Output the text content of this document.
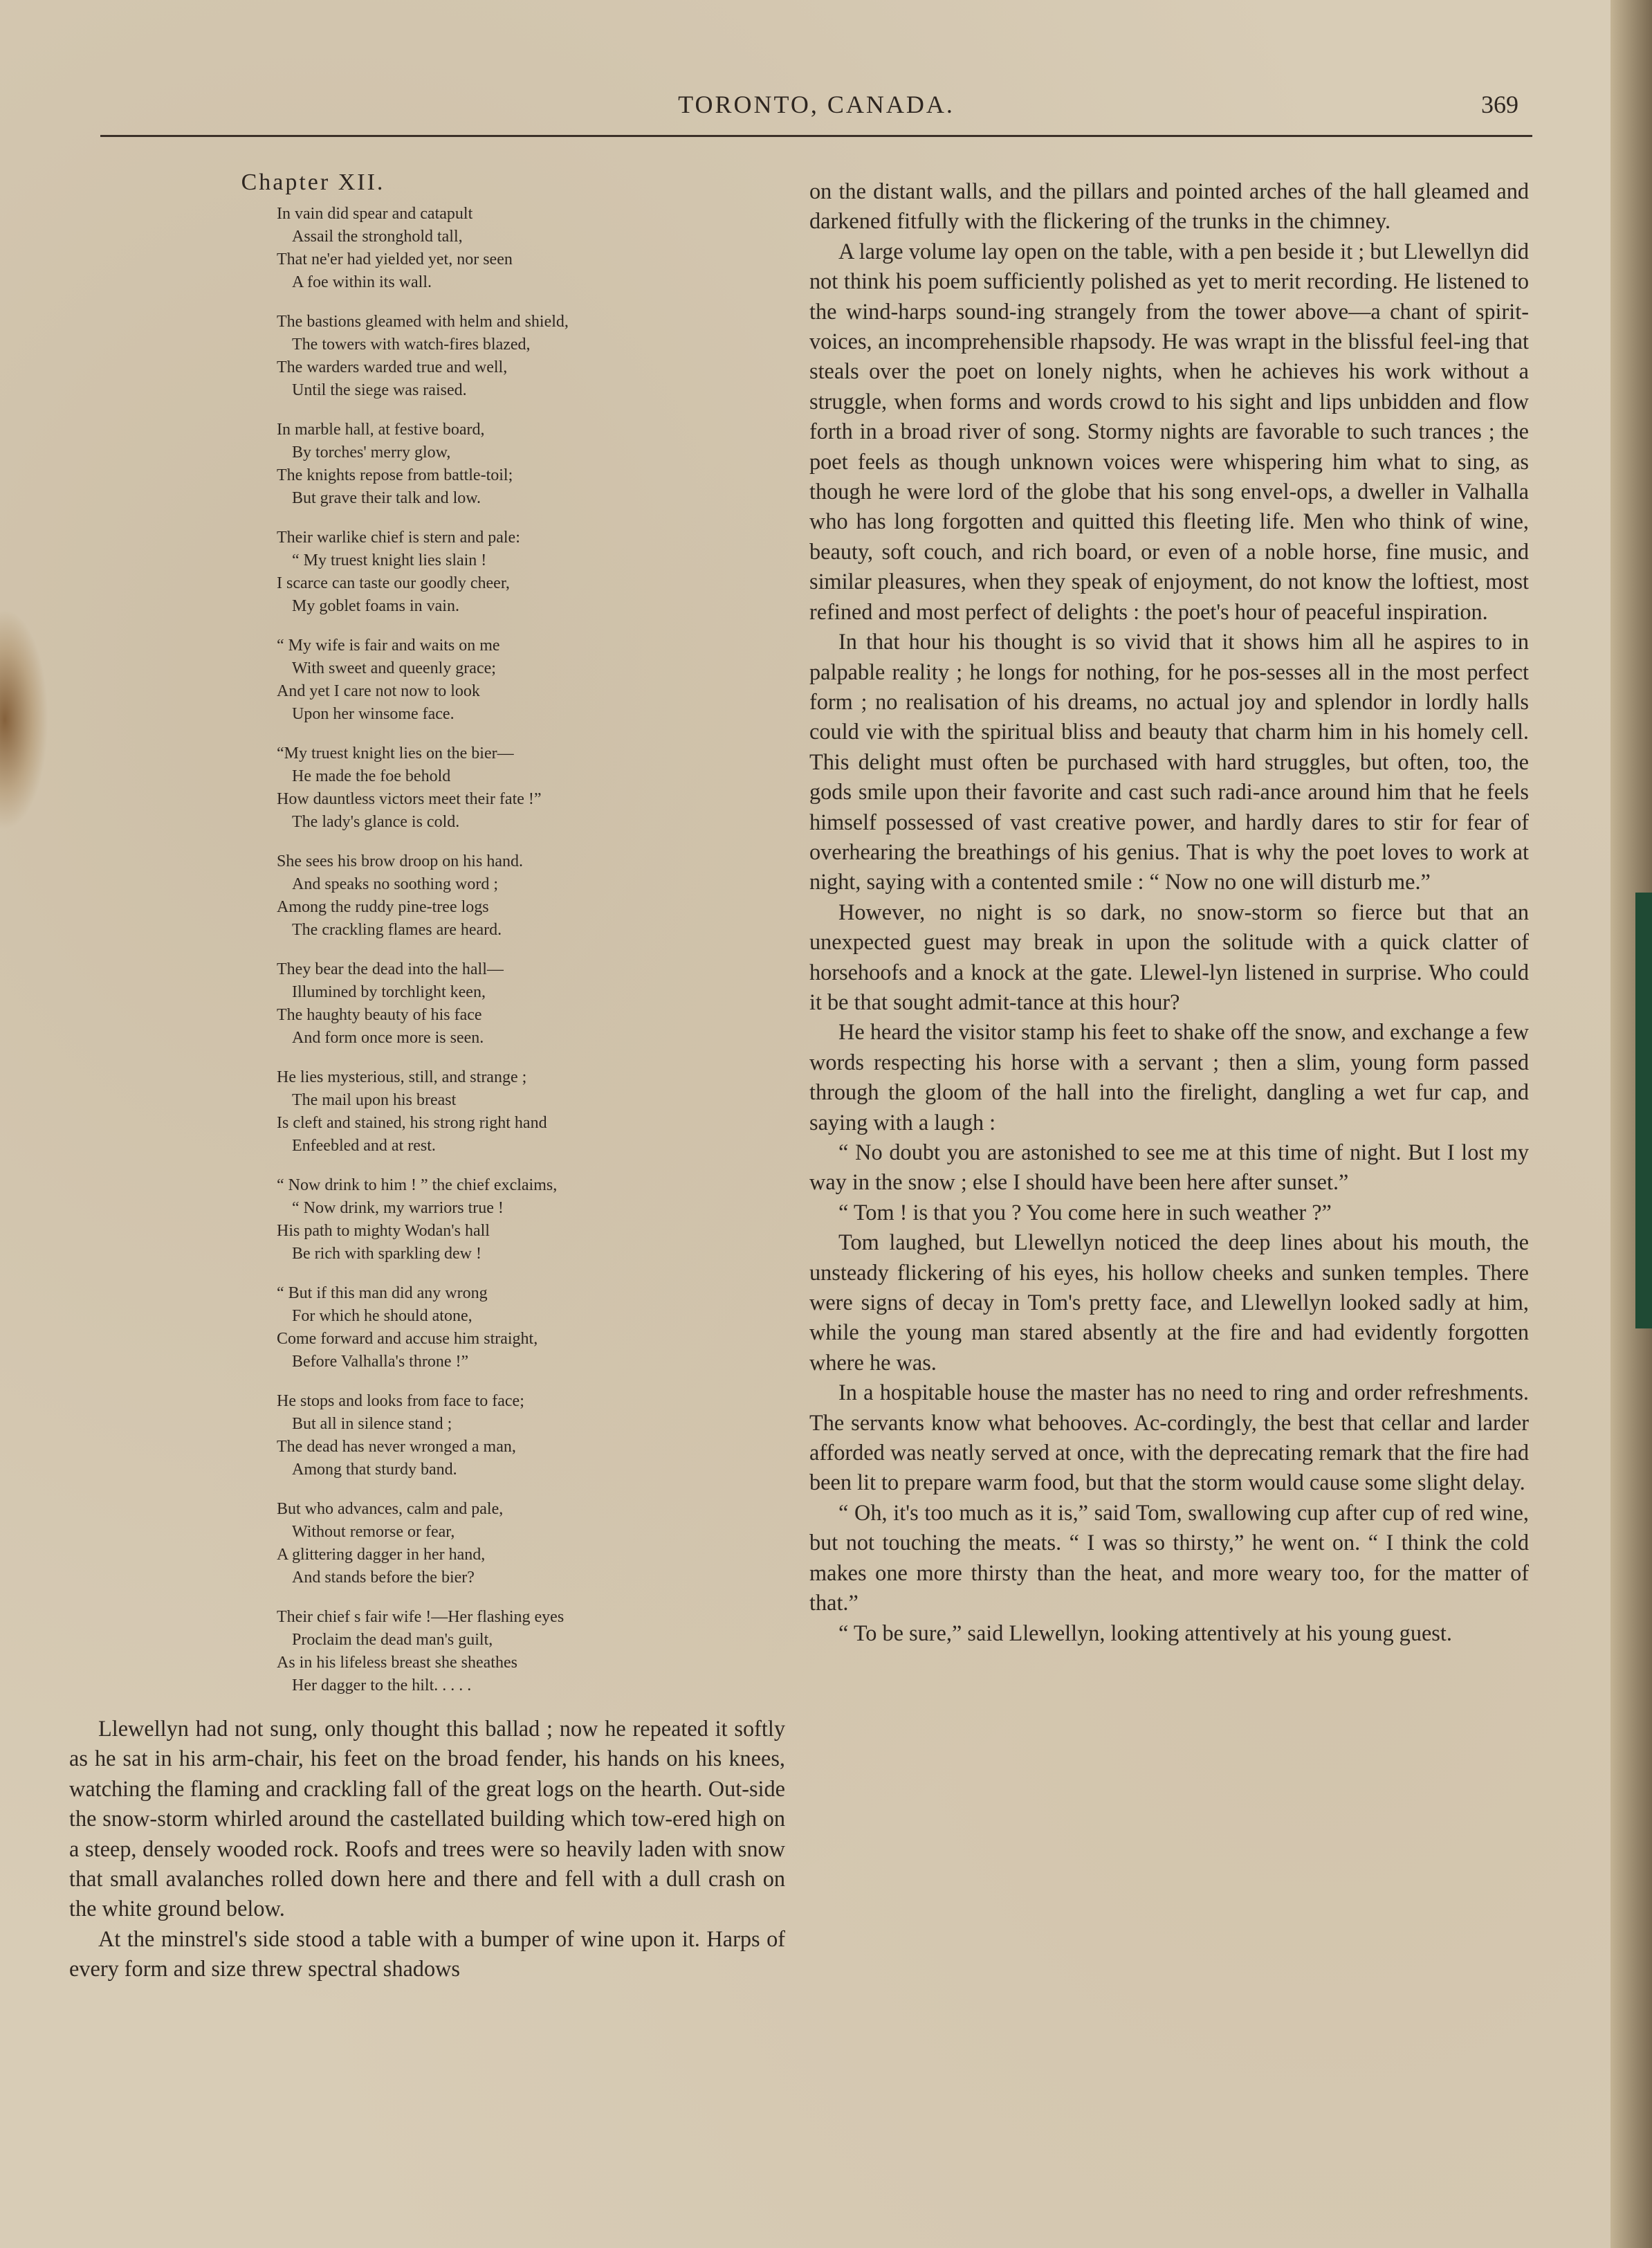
TORONTO, CANADA.	369
Chapter XII.
In vain did spear and catapult
Assail the stronghold tall,
That ne'er had yielded yet, nor seen
A foe within its wall.
The bastions gleamed with helm and shield,
The towers with watch-fires blazed,
The warders warded true and well,
Until the siege was raised.
In marble hall, at festive board,
By torches' merry glow,
The knights repose from battle-toil;
But grave their talk and low.
Their warlike chief is stern and pale:
“ My truest knight lies slain !
I scarce can taste our goodly cheer,
My goblet foams in vain.
“ My wife is fair and waits on me
With sweet and queenly grace;
And yet I care not now to look
Upon her winsome face.
“My truest knight lies on the bier—
He made the foe behold
How dauntless victors meet their fate !”
The lady's glance is cold.
She sees his brow droop on his hand.
And speaks no soothing word ;
Among the ruddy pine-tree logs
The crackling flames are heard.
They bear the dead into the hall—
Illumined by torchlight keen,
The haughty beauty of his face
And form once more is seen.
He lies mysterious, still, and strange ;
The mail upon his breast
Is cleft and stained, his strong right hand
Enfeebled and at rest.
“ Now drink to him ! ” the chief exclaims,
“ Now drink, my warriors true !
His path to mighty Wodan's hall
Be rich with sparkling dew !
“ But if this man did any wrong
For which he should atone,
Come forward and accuse him straight,
Before Valhalla's throne !”
He stops and looks from face to face;
But all in silence stand ;
The dead has never wronged a man,
Among that sturdy band.
But who advances, calm and pale,
Without remorse or fear,
A glittering dagger in her hand,
And stands before the bier?
Their chief s fair wife !—Her flashing eyes
Proclaim the dead man's guilt,
As in his lifeless breast she sheathes
Her dagger to the hilt. . . . .

Llewellyn had not sung, only thought this ballad ; now he repeated it softly as he sat in his arm-chair, his feet on the broad fender, his hands on his knees, watching the flaming and crackling fall of the great logs on the hearth. Out-side the snow-storm whirled around the castellated building which tow-ered high on a steep, densely wooded rock. Roofs and trees were so heavily laden with snow that small avalanches rolled down here and there and fell with a dull crash on the white ground below.

At the minstrel's side stood a table with a bumper of wine upon it. Harps of every form and size threw spectral shadows

on the distant walls, and the pillars and pointed arches of the hall gleamed and darkened fitfully with the flickering of the trunks in the chimney.

A large volume lay open on the table, with a pen beside it ; but Llewellyn did not think his poem sufficiently polished as yet to merit recording. He listened to the wind-harps sound-ing strangely from the tower above—a chant of spirit-voices, an incomprehensible rhapsody. He was wrapt in the blissful feel-ing that steals over the poet on lonely nights, when he achieves his work without a struggle, when forms and words crowd to his sight and lips unbidden and flow forth in a broad river of song. Stormy nights are favorable to such trances ; the poet feels as though unknown voices were whispering him what to sing, as though he were lord of the globe that his song envel-ops, a dweller in Valhalla who has long forgotten and quitted this fleeting life. Men who think of wine, beauty, soft couch, and rich board, or even of a noble horse, fine music, and similar pleasures, when they speak of enjoyment, do not know the loftiest, most refined and most perfect of delights : the poet's hour of peaceful inspiration.

In that hour his thought is so vivid that it shows him all he aspires to in palpable reality ; he longs for nothing, for he pos-sesses all in the most perfect form ; no realisation of his dreams, no actual joy and splendor in lordly halls could vie with the spiritual bliss and beauty that charm him in his homely cell. This delight must often be purchased with hard struggles, but often, too, the gods smile upon their favorite and cast such radi-ance around him that he feels himself possessed of vast creative power, and hardly dares to stir for fear of overhearing the breathings of his genius. That is why the poet loves to work at night, saying with a contented smile : “ Now no one will disturb me.”

However, no night is so dark, no snow-storm so fierce but that an unexpected guest may break in upon the solitude with a quick clatter of horsehoofs and a knock at the gate. Llewel-lyn listened in surprise. Who could it be that sought admit-tance at this hour?

He heard the visitor stamp his feet to shake off the snow, and exchange a few words respecting his horse with a servant ; then a slim, young form passed through the gloom of the hall into the firelight, dangling a wet fur cap, and saying with a laugh :

“ No doubt you are astonished to see me at this time of night. But I lost my way in the snow ; else I should have been here after sunset.”

“ Tom ! is that you ? You come here in such weather ?”

Tom laughed, but Llewellyn noticed the deep lines about his mouth, the unsteady flickering of his eyes, his hollow cheeks and sunken temples. There were signs of decay in Tom's pretty face, and Llewellyn looked sadly at him, while the young man stared absently at the fire and had evidently forgotten where he was.

In a hospitable house the master has no need to ring and order refreshments. The servants know what behooves. Ac-cordingly, the best that cellar and larder afforded was neatly served at once, with the deprecating remark that the fire had been lit to prepare warm food, but that the storm would cause some slight delay.

“ Oh, it's too much as it is,” said Tom, swallowing cup after cup of red wine, but not touching the meats. “ I was so thirsty,” he went on. “ I think the cold makes one more thirsty than the heat, and more weary too, for the matter of that.”

“ To be sure,” said Llewellyn, looking attentively at his young guest.
